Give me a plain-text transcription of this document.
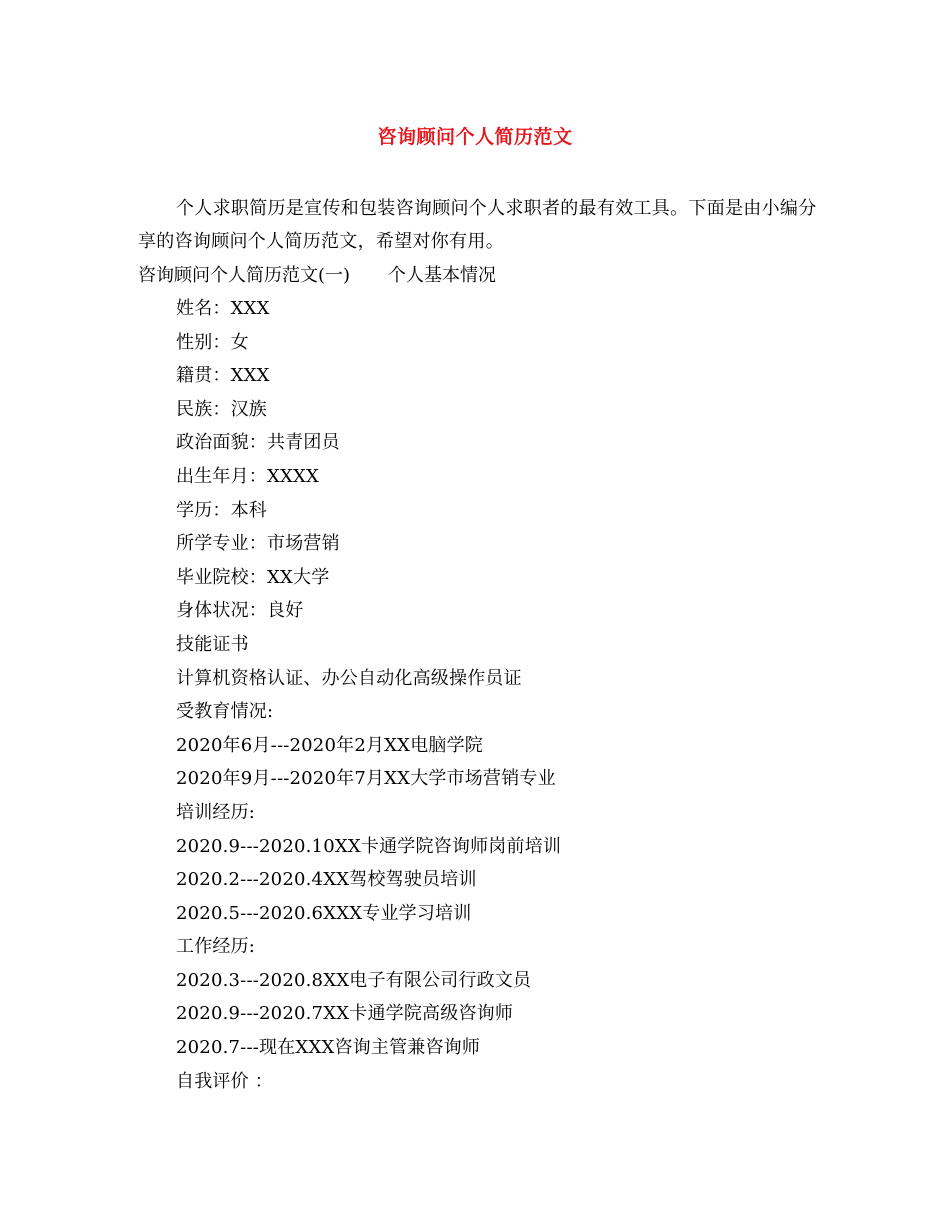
咨询顾问个人简历范文
个人求职简历是宣传和包装咨询顾问个人求职者的最有效工具。下面是由小编分享的咨询顾问个人简历范文，希望对你有用。
咨询顾问个人简历范文(一) 个人基本情况
姓名：XXX
性别：女
籍贯：XXX
民族：汉族
政治面貌：共青团员
出生年月：XXXX
学历：本科
所学专业：市场营销
毕业院校：XX大学
身体状况：良好
技能证书
计算机资格认证、办公自动化高级操作员证
受教育情况:
2020年6月---2020年2月XX电脑学院
2020年9月---2020年7月XX大学市场营销专业
培训经历:
2020.9---2020.10XX卡通学院咨询师岗前培训
2020.2---2020.4XX驾校驾驶员培训
2020.5---2020.6XXX专业学习培训
工作经历:
2020.3---2020.8XX电子有限公司行政文员
2020.9---2020.7XX卡通学院高级咨询师
2020.7---现在XXX咨询主管兼咨询师
自我评价 ：
